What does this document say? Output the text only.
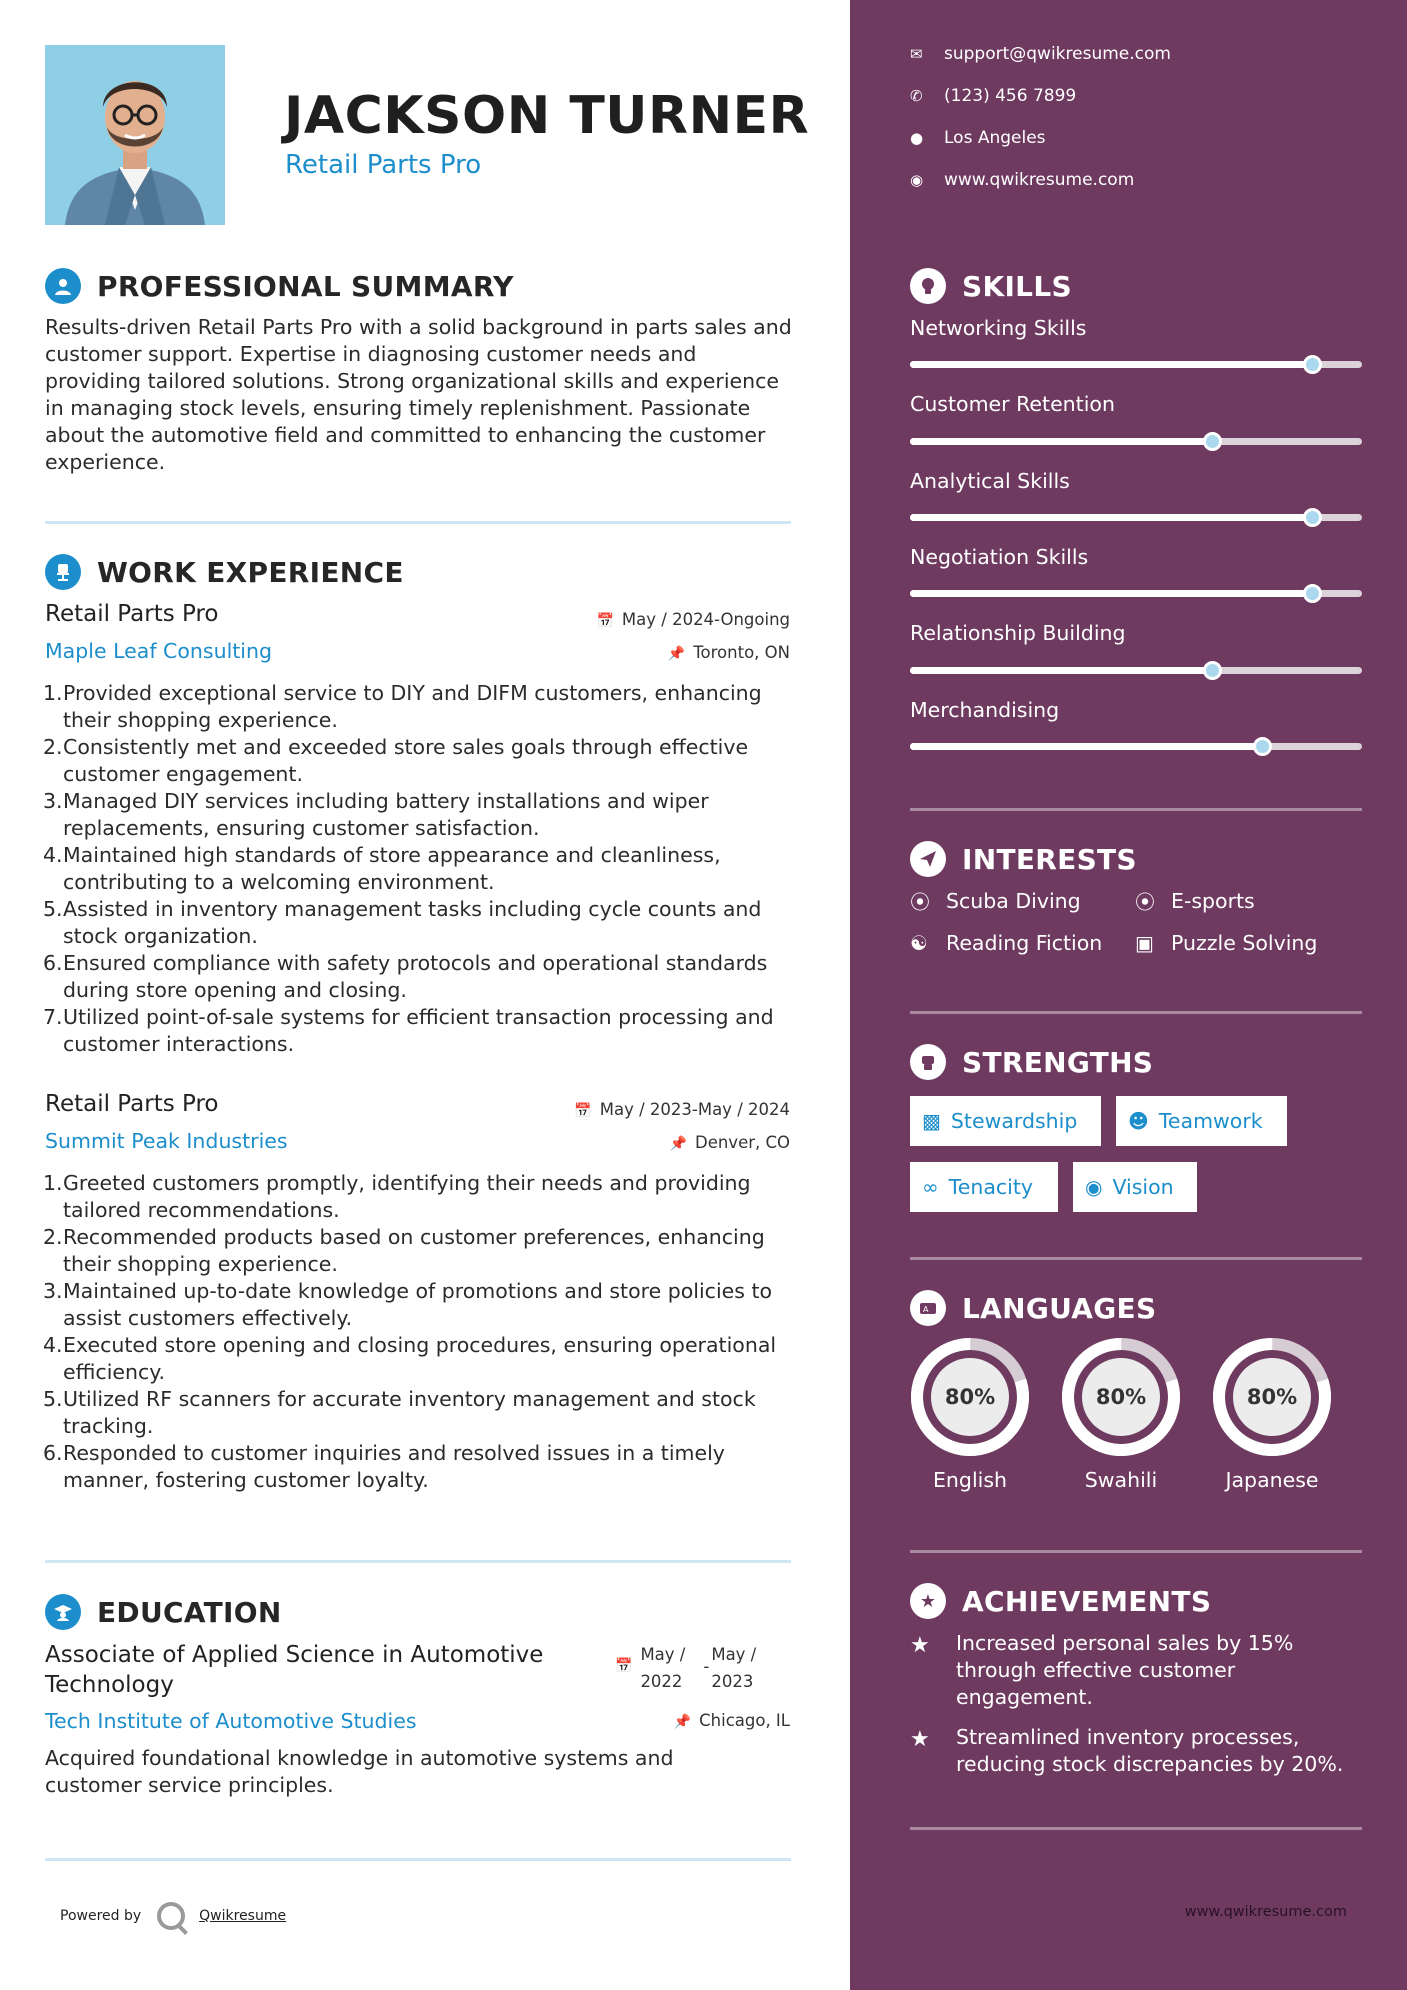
JACKSON TURNER
Retail Parts Pro
PROFESSIONAL SUMMARY
Results-driven Retail Parts Pro with a solid background in parts sales and customer support. Expertise in diagnosing customer needs and providing tailored solutions. Strong organizational skills and experience in managing stock levels, ensuring timely replenishment. Passionate about the automotive field and committed to enhancing the customer experience.
WORK EXPERIENCE
Retail Parts Pro	📅 May / 2024-Ongoing
Maple Leaf Consulting	📌 Toronto, ON
Provided exceptional service to DIY and DIFM customers, enhancing their shopping experience.
Consistently met and exceeded store sales goals through effective customer engagement.
Managed DIY services including battery installations and wiper replacements, ensuring customer satisfaction.
Maintained high standards of store appearance and cleanliness, contributing to a welcoming environment.
Assisted in inventory management tasks including cycle counts and stock organization.
Ensured compliance with safety protocols and operational standards during store opening and closing.
Utilized point-of-sale systems for efficient transaction processing and customer interactions.
Retail Parts Pro	📅 May / 2023-May / 2024
Summit Peak Industries	📌 Denver, CO
Greeted customers promptly, identifying their needs and providing tailored recommendations.
Recommended products based on customer preferences, enhancing their shopping experience.
Maintained up-to-date knowledge of promotions and store policies to assist customers effectively.
Executed store opening and closing procedures, ensuring operational efficiency.
Utilized RF scanners for accurate inventory management and stock tracking.
Responded to customer inquiries and resolved issues in a timely manner, fostering customer loyalty.
EDUCATION
Associate of Applied Science in Automotive Technology
📅
May /
2022
-
May /
2023
Tech Institute of Automotive Studies	📌 Chicago, IL
Acquired foundational knowledge in automotive systems and customer service principles.
Powered by	Qwikresume
✉	support@qwikresume.com
✆	(123) 456 7899
●	Los Angeles
◉	www.qwikresume.com
SKILLS
Networking Skills
Customer Retention
Analytical Skills
Negotiation Skills
Relationship Building
Merchandising
INTERESTS
⦿ Scuba Diving	⦿ E-sports
☯ Reading Fiction ▣ Puzzle Solving
STRENGTHS
▩ Stewardship	☻ Teamwork
∞ Tenacity	◉ Vision
A LANGUAGES
80%
English
80%
Swahili
80%
Japanese
★ ACHIEVEMENTS
★	Increased personal sales by 15% through effective customer engagement.
★	Streamlined inventory processes, reducing stock discrepancies by 20%.
www.qwikresume.com
